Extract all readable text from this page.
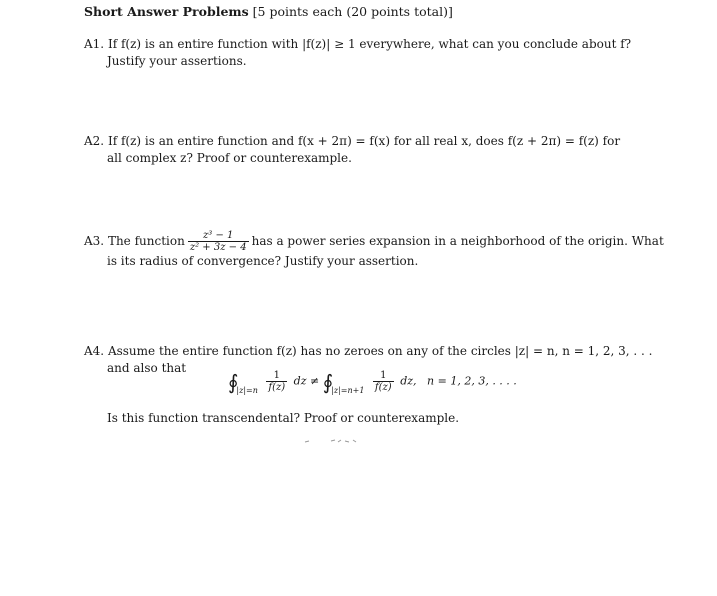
Short Answer Problems [5 points each (20 points total)]
A1. If f(z) is an entire function with |f(z)| ≥ 1 everywhere, what can you conclude about f?
Justify your assertions.
A2. If f(z) is an entire function and f(x + 2π) = f(x) for all real x, does f(z + 2π) = f(z) for
all complex z? Proof or counterexample.
A3. The function $\frac{\text{z³ − 1}}{\text{z² + 3z − 4}}$ has a power series expansion in a neighborhood of the origin. What
is its radius of convergence? Justify your assertion.
A4. Assume the entire function f(z) has no zeroes on any of the circles |z| = n, n = 1, 2, 3, . . .
and also that
$∮_{|z|=n} \frac{1}{f(z)}$ dz ≠ $∮_{|z|=n+1} \frac{1}{f(z)}$ dz, n = 1, 2, 3, . . . .
Is this function transcendental? Proof or counterexample.
